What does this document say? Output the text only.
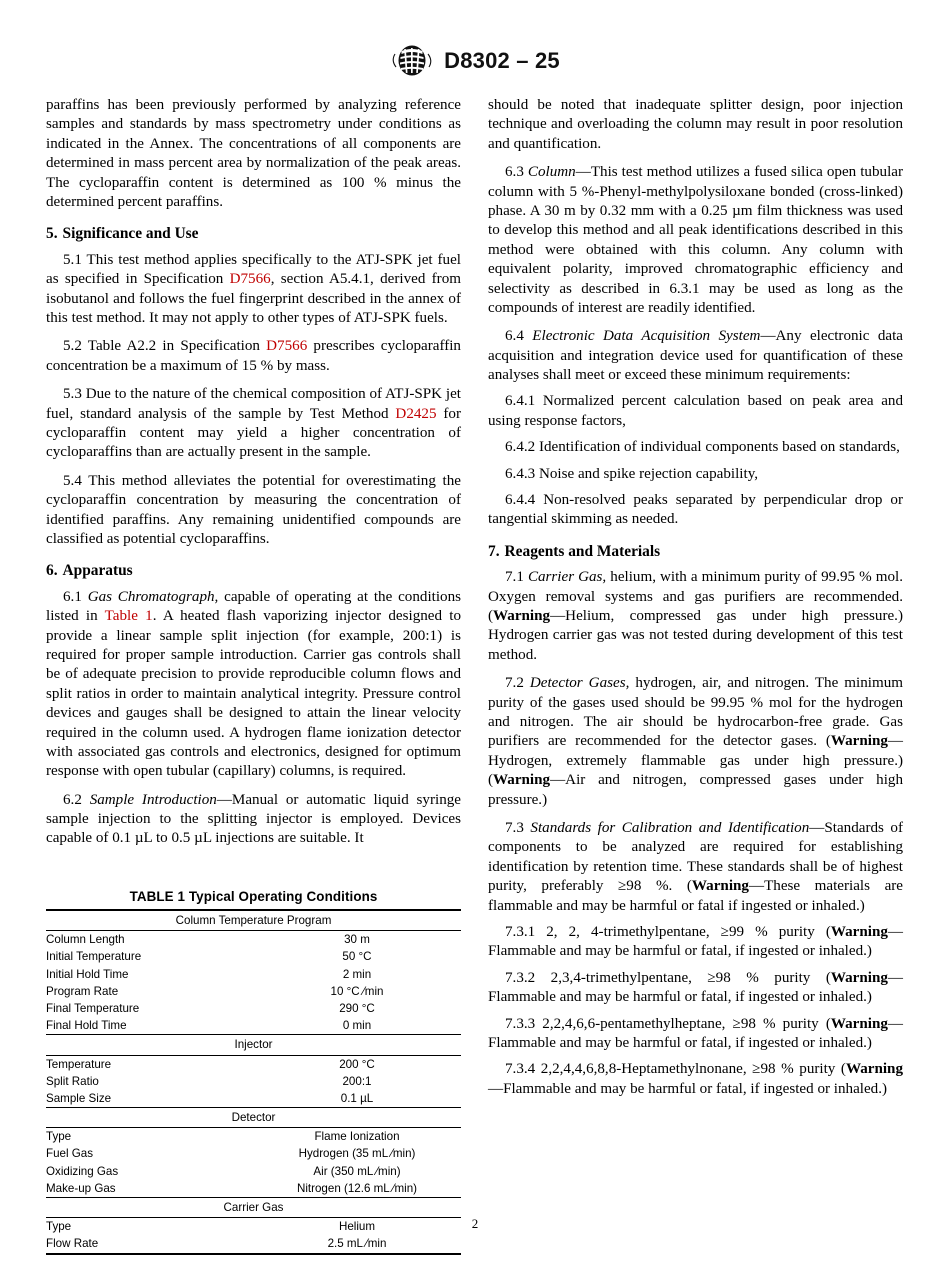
D8302 – 25

paraffins has been previously performed by analyzing reference samples and standards by mass spectrometry under conditions as indicated in the Annex. The concentrations of all components are determined in mass percent area by normalization of the peak areas. The cycloparaffin content is determined as 100 % minus the determined percent paraffins.

5. Significance and Use

5.1 This test method applies specifically to the ATJ-SPK jet fuel as specified in Specification D7566, section A5.4.1, derived from isobutanol and follows the fuel fingerprint described in the annex of this test method. It may not apply to other types of ATJ-SPK fuels.

5.2 Table A2.2 in Specification D7566 prescribes cycloparaffin concentration be a maximum of 15 % by mass.

5.3 Due to the nature of the chemical composition of ATJ-SPK jet fuel, standard analysis of the sample by Test Method D2425 for cycloparaffin content may yield a higher concentration of cycloparaffins than are actually present in the sample.

5.4 This method alleviates the potential for overestimating the cycloparaffin concentration by measuring the concentration of identified paraffins. Any remaining unidentified compounds are classified as potential cycloparaffins.

6. Apparatus

6.1 Gas Chromatograph, capable of operating at the conditions listed in Table 1. A heated flash vaporizing injector designed to provide a linear sample split injection (for example, 200:1) is required for proper sample introduction. Carrier gas controls shall be of adequate precision to provide reproducible column flows and split ratios in order to maintain analytical integrity. Pressure control devices and gauges shall be designed to attain the linear velocity required in the column used. A hydrogen flame ionization detector with associated gas controls and electronics, designed for optimum response with open tubular (capillary) columns, is required.

6.2 Sample Introduction—Manual or automatic liquid syringe sample injection to the splitting injector is employed. Devices capable of 0.1 µL to 0.5 µL injections are suitable. It

TABLE 1 Typical Operating Conditions
Column Temperature Program	
Column Length	30 m
Initial Temperature	50 °C
Initial Hold Time	2 min
Program Rate	10 °C ⁄min
Final Temperature	290 °C
Final Hold Time	0 min
Injector	
Temperature	200 °C
Split Ratio	200:1
Sample Size	0.1 µL
Detector	
Type	Flame Ionization
Fuel Gas	Hydrogen (35 mL ⁄min)
Oxidizing Gas	Air (350 mL ⁄min)
Make-up Gas	Nitrogen (12.6 mL ⁄min)
Carrier Gas	
Type	Helium
Flow Rate	2.5 mL ⁄min

should be noted that inadequate splitter design, poor injection technique and overloading the column may result in poor resolution and quantification.

6.3 Column—This test method utilizes a fused silica open tubular column with 5 %-Phenyl-methylpolysiloxane bonded (cross-linked) phase. A 30 m by 0.32 mm with a 0.25 µm film thickness was used to develop this method and all peak identifications described in this method were obtained with this column. Any column with equivalent polarity, improved chromatographic efficiency and selectivity as described in 6.3.1 may be used as long as the compounds of interest are readily identified.

6.4 Electronic Data Acquisition System—Any electronic data acquisition and integration device used for quantification of these analyses shall meet or exceed these minimum requirements:

6.4.1 Normalized percent calculation based on peak area and using response factors,

6.4.2 Identification of individual components based on standards,

6.4.3 Noise and spike rejection capability,

6.4.4 Non-resolved peaks separated by perpendicular drop or tangential skimming as needed.

7. Reagents and Materials

7.1 Carrier Gas, helium, with a minimum purity of 99.95 % mol. Oxygen removal systems and gas purifiers are recommended. (Warning—Helium, compressed gas under high pressure.) Hydrogen carrier gas was not tested during development of this test method.

7.2 Detector Gases, hydrogen, air, and nitrogen. The minimum purity of the gases used should be 99.95 % mol for the hydrogen and nitrogen. The air should be hydrocarbon-free grade. Gas purifiers are recommended for the detector gases. (Warning—Hydrogen, extremely flammable gas under high pressure.) (Warning—Air and nitrogen, compressed gases under high pressure.)

7.3 Standards for Calibration and Identification—Standards of components to be analyzed are required for establishing identification by retention time. These standards shall be of highest purity, preferably ≥98 %. (Warning—These materials are flammable and may be harmful or fatal if ingested or inhaled.)

7.3.1 2, 2, 4-trimethylpentane, ≥99 % purity (Warning—Flammable and may be harmful or fatal, if ingested or inhaled.)

7.3.2 2,3,4-trimethylpentane, ≥98 % purity (Warning—Flammable and may be harmful or fatal, if ingested or inhaled.)

7.3.3 2,2,4,6,6-pentamethylheptane, ≥98 % purity (Warning—Flammable and may be harmful or fatal, if ingested or inhaled.)

7.3.4 2,2,4,4,6,8,8-Heptamethylnonane, ≥98 % purity (Warning—Flammable and may be harmful or fatal, if ingested or inhaled.)

2
